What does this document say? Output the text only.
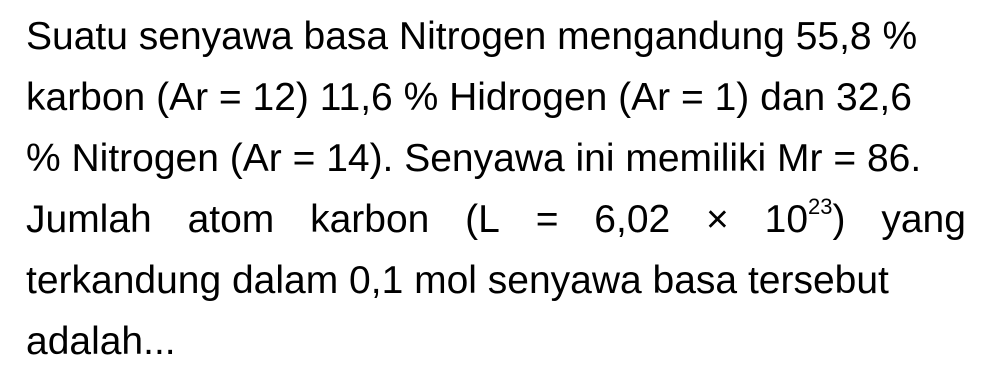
Suatu senyawa basa Nitrogen mengandung 55,8 %
karbon (Ar = 12) 11,6 % Hidrogen (Ar = 1) dan 32,6
% Nitrogen (Ar = 14). Senyawa ini memiliki Mr = 86.
Jumlah atom karbon $(L = 6,02 \times 10^{23})$ yang
terkandung dalam 0,1 mol senyawa basa tersebut
adalah...
